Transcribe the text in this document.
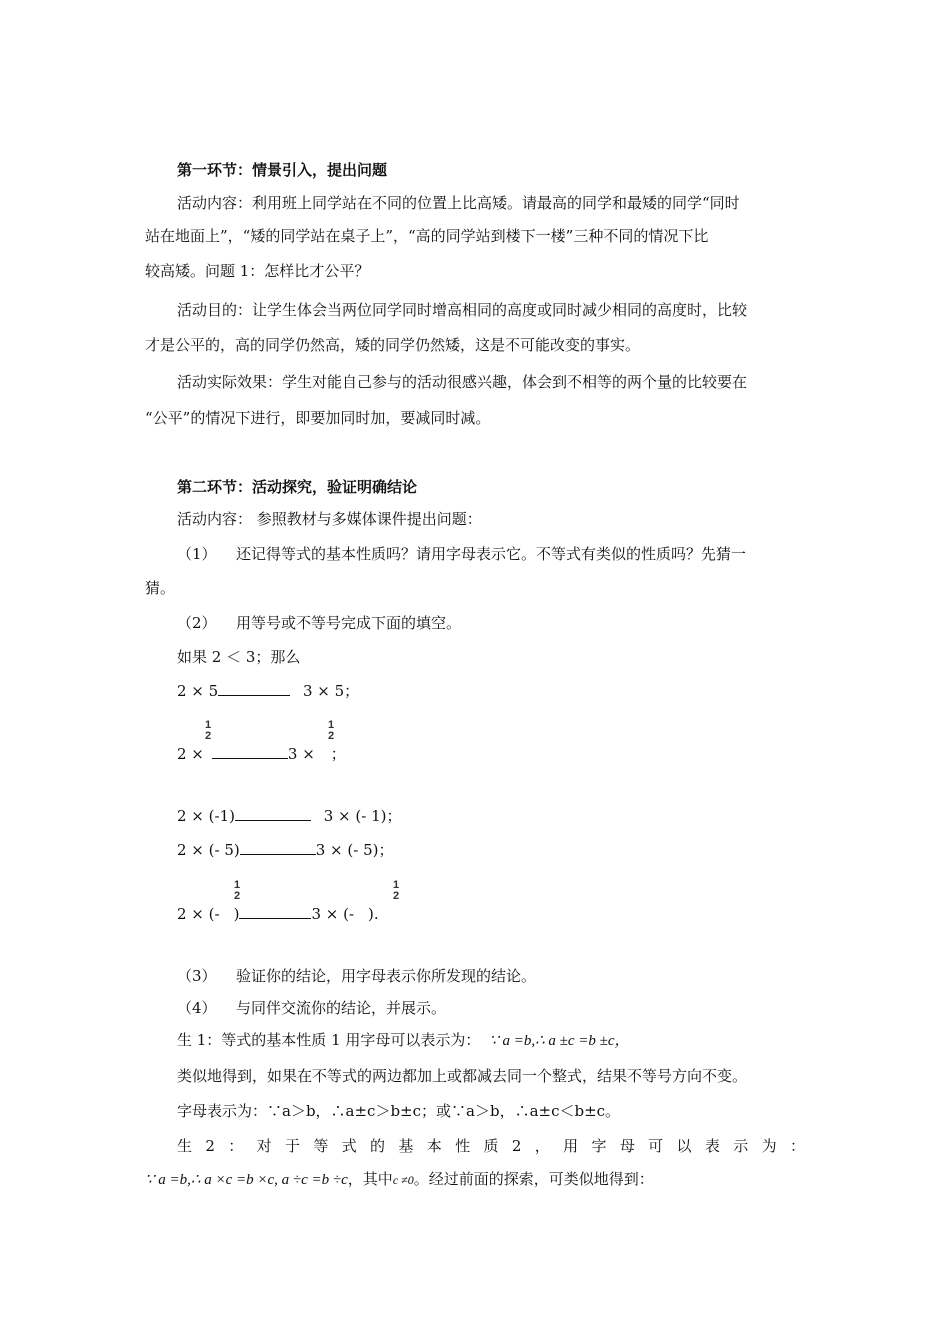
第一环节：情景引入，提出问题
活动内容：利用班上同学站在不同的位置上比高矮。请最高的同学和最矮的同学“同时
站在地面上”，“矮的同学站在桌子上”，“高的同学站到楼下一楼”三种不同的情况下比
较高矮。问题 1：怎样比才公平？
活动目的：让学生体会当两位同学同时增高相同的高度或同时减少相同的高度时，比较
才是公平的，高的同学仍然高，矮的同学仍然矮，这是不可能改变的事实。
活动实际效果：学生对能自己参与的活动很感兴趣，体会到不相等的两个量的比较要在
“公平”的情况下进行，即要加同时加，要减同时减。
第二环节：活动探究，验证明确结论
活动内容： 参照教材与多媒体课件提出问题：
（1） 还记得等式的基本性质吗？请用字母表示它。不等式有类似的性质吗？先猜一
猜。
（2） 用等号或不等号完成下面的填空。
如果 2 ＜ 3；那么
2 × 5	3 × 5；
2 ×	3 × ；
1
2
1
2
2 × (-1)	3 × (- 1)；
2 × (- 5)	3 × (- 5)；
2 × (- )	3 × (- ).
1
2
1
2
（3） 验证你的结论，用字母表示你所发现的结论。
（4） 与同伴交流你的结论，并展示。
生 1：等式的基本性质 1 用字母可以表示为： ∵ a =b,∴ a ±c =b ±c，
类似地得到，如果在不等式的两边都加上或都减去同一个整式，结果不等号方向不变。
字母表示为：∵a＞b，∴a±c＞b±c；或∵a＞b，∴a±c＜b±c。
生 2 ： 对 于 等 式 的 基 本 性 质 2 ， 用 字 母 可 以 表 示 为 ：
∵ a =b,∴ a ×c =b ×c, a ÷c =b ÷c，其中c ≠0。经过前面的探索，可类似地得到：
